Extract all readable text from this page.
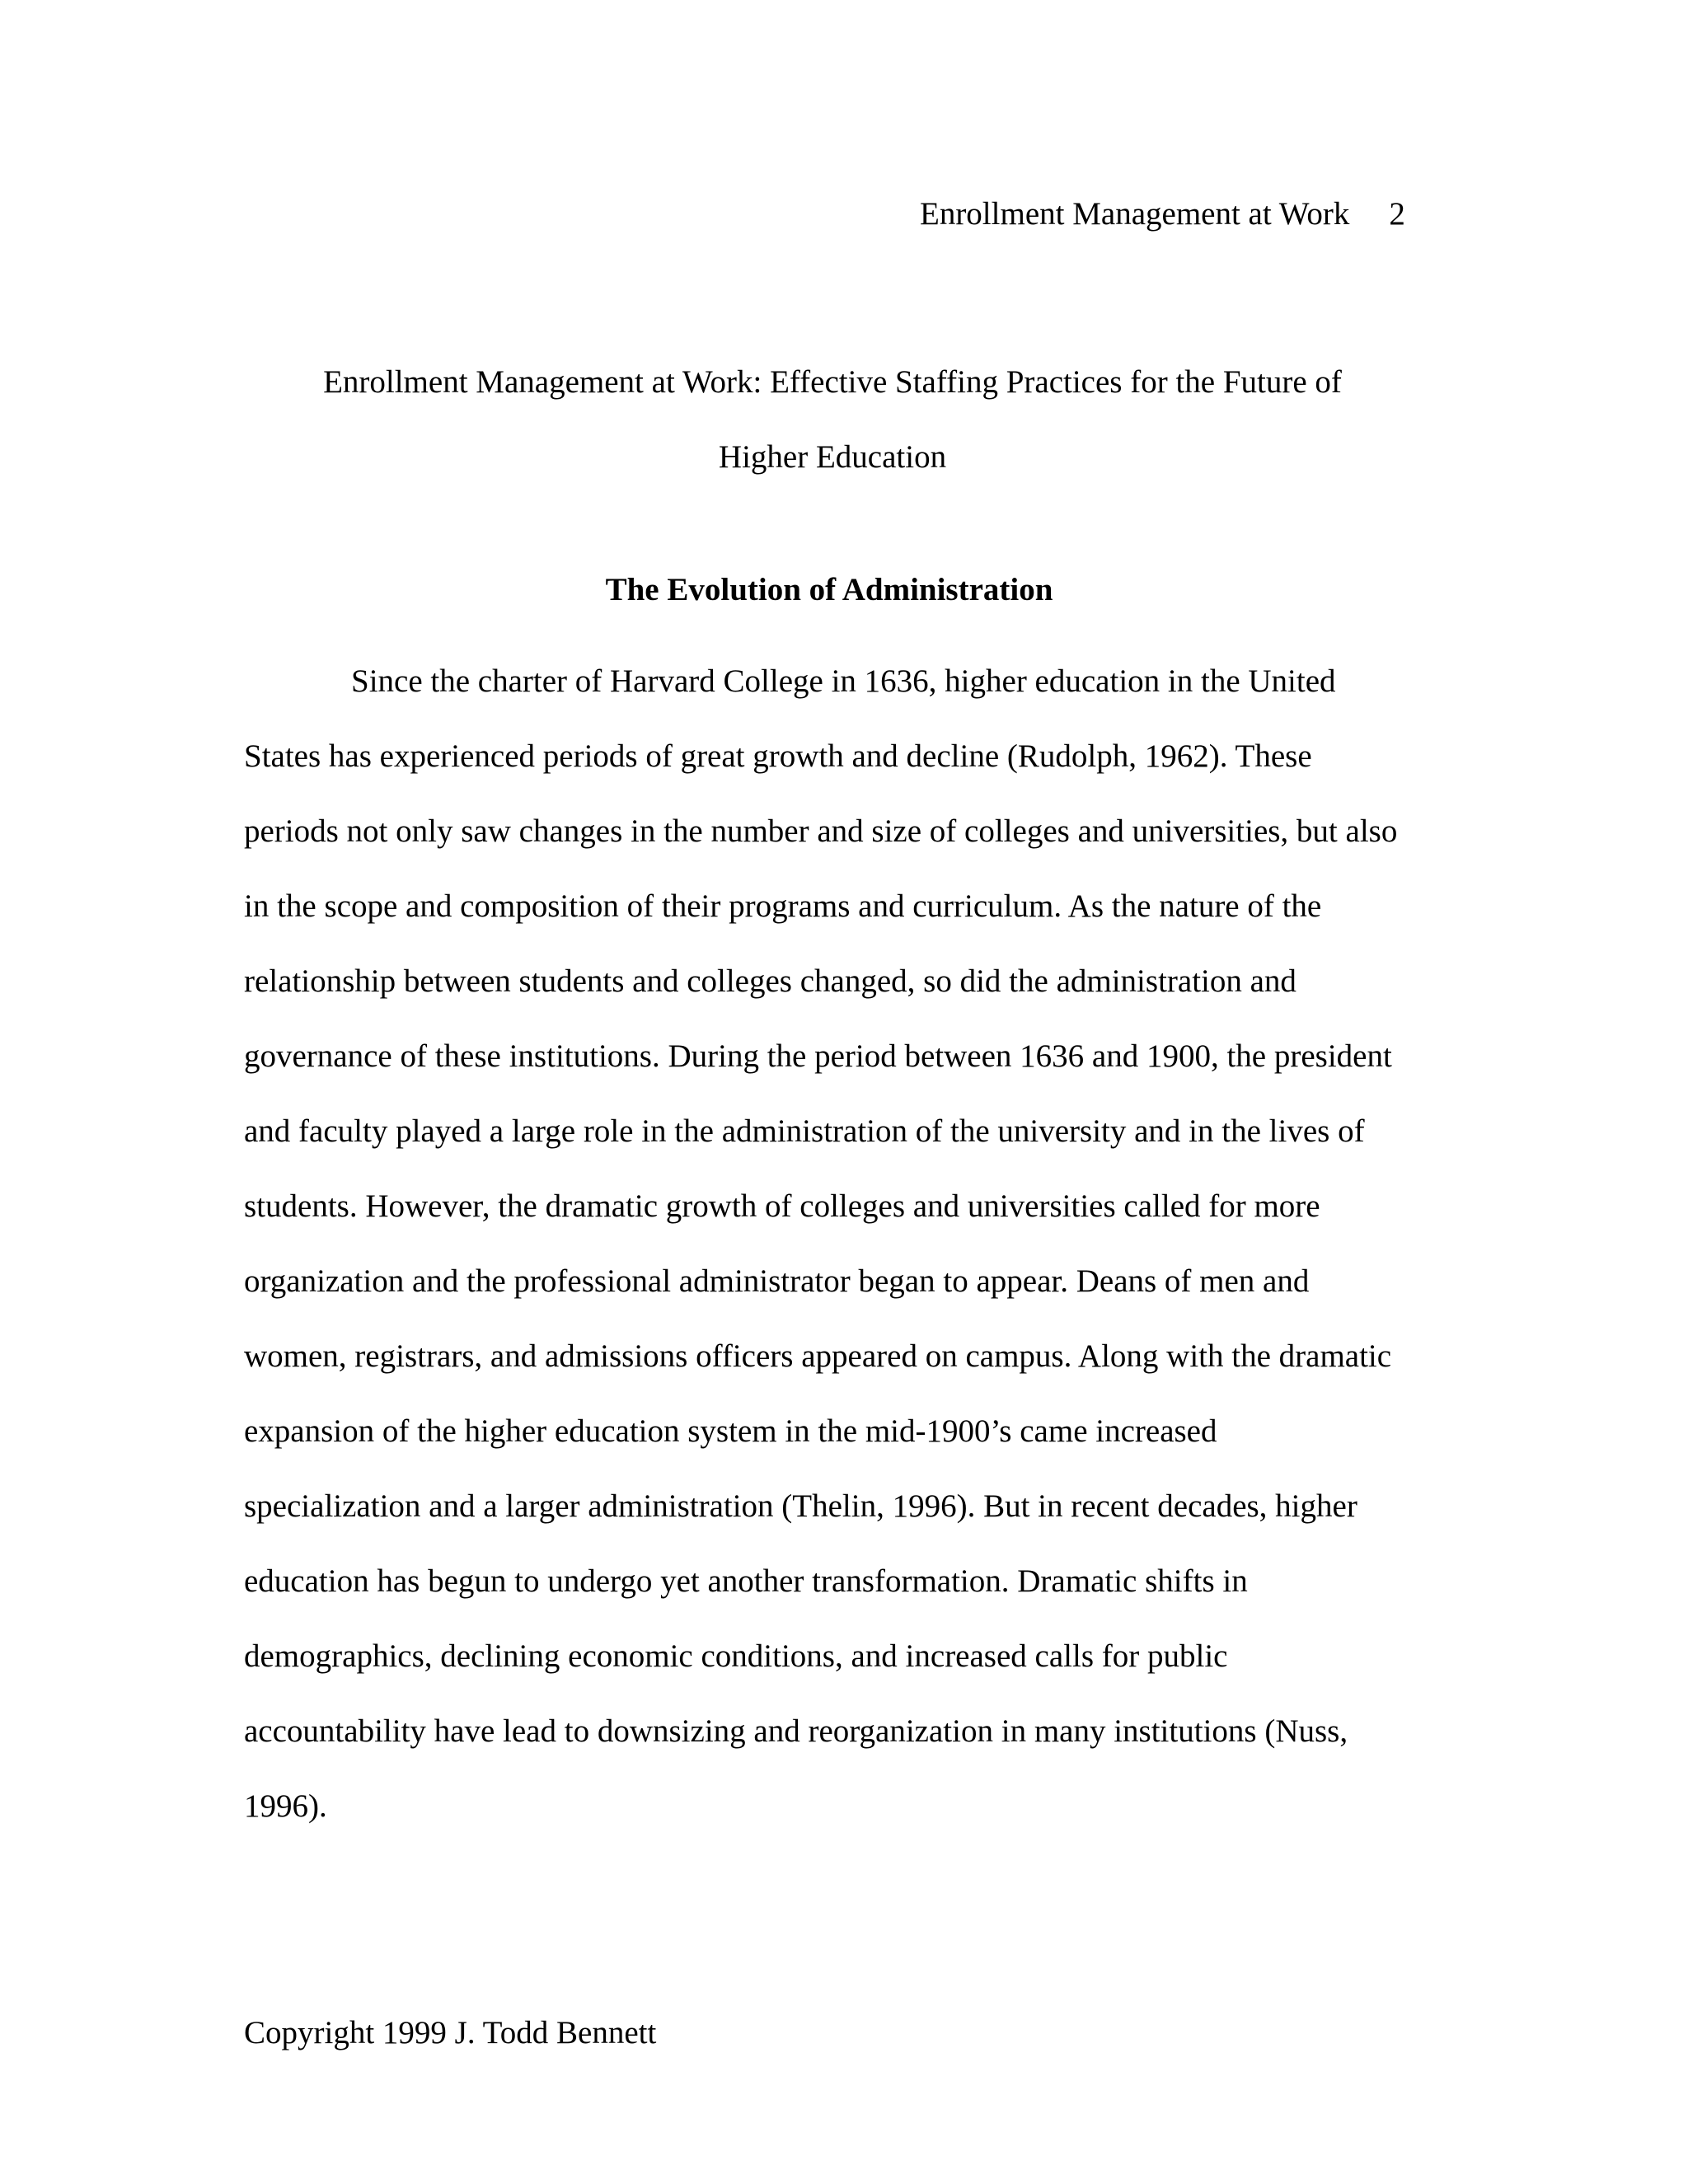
Enrollment Management at Work 2
Enrollment Management at Work: Effective Staffing Practices for the Future of
Higher Education
The Evolution of Administration
Since the charter of Harvard College in 1636, higher education in the United
States has experienced periods of great growth and decline (Rudolph, 1962). These
periods not only saw changes in the number and size of colleges and universities, but also
in the scope and composition of their programs and curriculum. As the nature of the
relationship between students and colleges changed, so did the administration and
governance of these institutions. During the period between 1636 and 1900, the president
and faculty played a large role in the administration of the university and in the lives of
students. However, the dramatic growth of colleges and universities called for more
organization and the professional administrator began to appear. Deans of men and
women, registrars, and admissions officers appeared on campus. Along with the dramatic
expansion of the higher education system in the mid-1900’s came increased
specialization and a larger administration (Thelin, 1996). But in recent decades, higher
education has begun to undergo yet another transformation. Dramatic shifts in
demographics, declining economic conditions, and increased calls for public
accountability have lead to downsizing and reorganization in many institutions (Nuss,
1996).
Copyright 1999 J. Todd Bennett
